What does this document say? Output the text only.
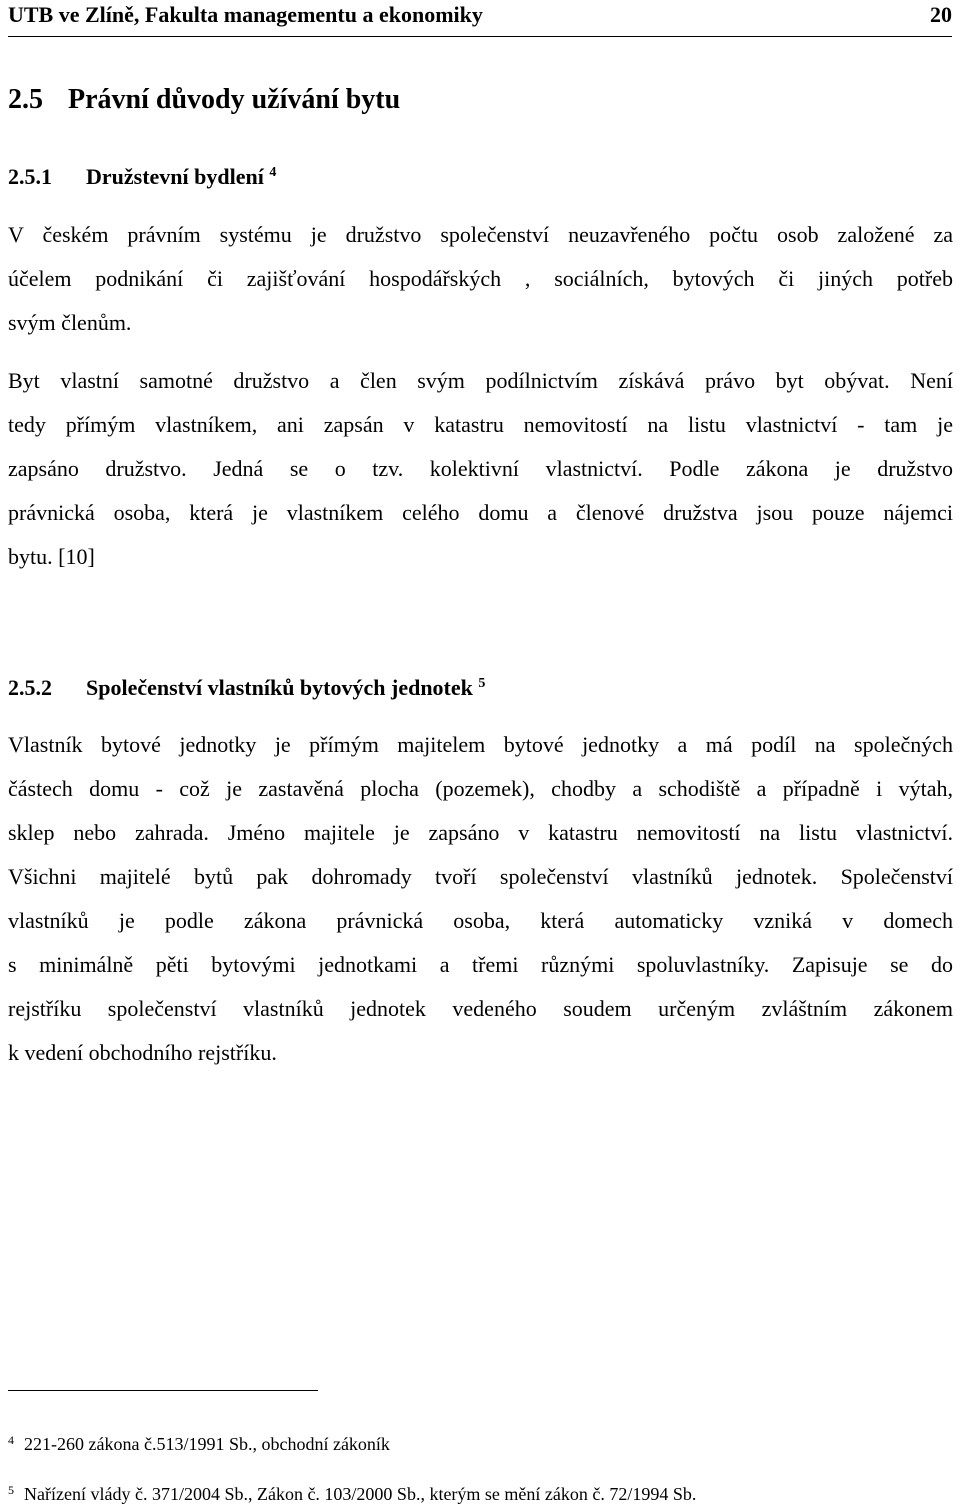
UTB ve Zlíně, Fakulta managementu a ekonomiky	20
2.5 Právní důvody užívání bytu
2.5.1 Družstevní bydlení $^4$
V českém právním systému je družstvo společenství neuzavřeného počtu osob založené za
účelem podnikání či zajišťování hospodářských , sociálních, bytových či jiných potřeb
svým členům.
Byt vlastní samotné družstvo a člen svým podílnictvím získává právo byt obývat. Není
tedy přímým vlastníkem, ani zapsán v katastru nemovitostí na listu vlastnictví - tam je
zapsáno družstvo. Jedná se o tzv. kolektivní vlastnictví. Podle zákona je družstvo
právnická osoba, která je vlastníkem celého domu a členové družstva jsou pouze nájemci
bytu. [10]
2.5.2 Společenství vlastníků bytových jednotek $^5$
Vlastník bytové jednotky je přímým majitelem bytové jednotky a má podíl na společných
částech domu - což je zastavěná plocha (pozemek), chodby a schodiště a případně i výtah,
sklep nebo zahrada. Jméno majitele je zapsáno v katastru nemovitostí na listu vlastnictví.
Všichni majitelé bytů pak dohromady tvoří společenství vlastníků jednotek. Společenství
vlastníků je podle zákona právnická osoba, která automaticky vzniká v domech
s minimálně pěti bytovými jednotkami a třemi různými spoluvlastníky. Zapisuje se do
rejstříku společenství vlastníků jednotek vedeného soudem určeným zvláštním zákonem
k vedení obchodního rejstříku.
$^4$ 221-260 zákona č.513/1991 Sb., obchodní zákoník
$^5$ Nařízení vlády č. 371/2004 Sb., Zákon č. 103/2000 Sb., kterým se mění zákon č. 72/1994 Sb.
